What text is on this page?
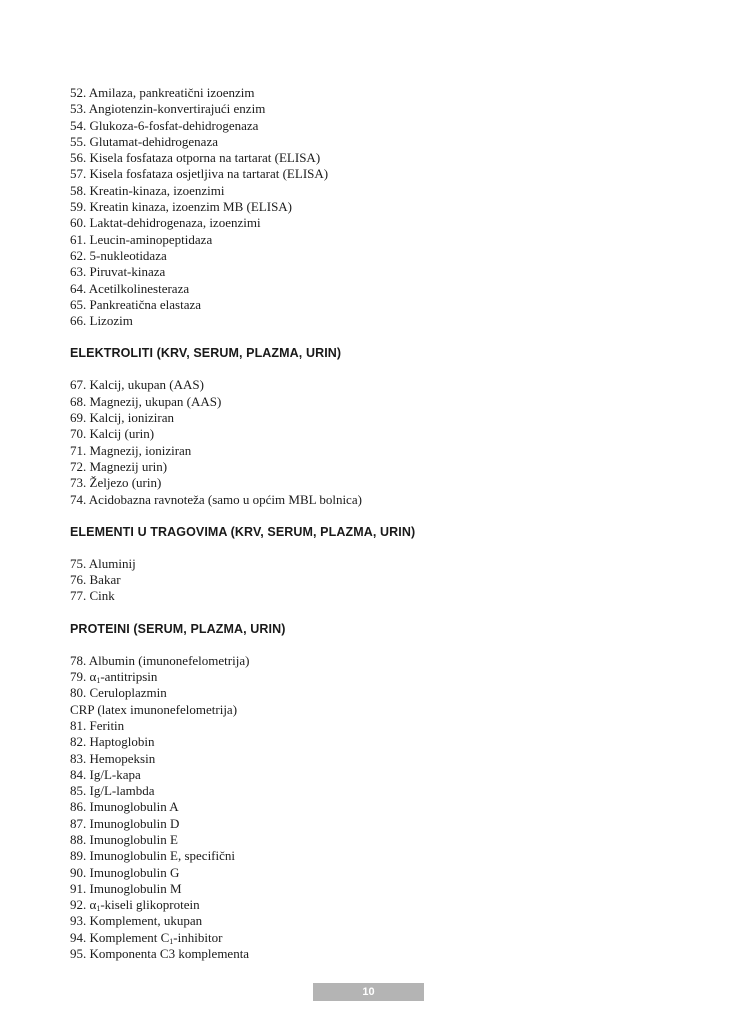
52. Amilaza, pankreatični izoenzim
53. Angiotenzin-konvertirajući enzim
54. Glukoza-6-fosfat-dehidrogenaza
55. Glutamat-dehidrogenaza
56. Kisela fosfataza otporna na tartarat (ELISA)
57. Kisela fosfataza osjetljiva na tartarat (ELISA)
58. Kreatin-kinaza, izoenzimi
59. Kreatin kinaza, izoenzim MB (ELISA)
60. Laktat-dehidrogenaza, izoenzimi
61. Leucin-aminopeptidaza
62. 5-nukleotidaza
63. Piruvat-kinaza
64. Acetilkolinesteraza
65. Pankreatična elastaza
66. Lizozim
ELEKTROLITI (KRV, SERUM, PLAZMA, URIN)
67. Kalcij, ukupan (AAS)
68. Magnezij, ukupan (AAS)
69. Kalcij, ioniziran
70. Kalcij (urin)
71. Magnezij, ioniziran
72. Magnezij urin)
73. Željezo (urin)
74. Acidobazna ravnoteža (samo u općim MBL bolnica)
ELEMENTI U TRAGOVIMA (KRV, SERUM, PLAZMA, URIN)
75. Aluminij
76. Bakar
77. Cink
PROTEINI (SERUM, PLAZMA, URIN)
78. Albumin (imunonefelometrija)
79. $\alpha_1$-antitripsin
80. Ceruloplazmin
CRP (latex imunonefelometrija)
81. Feritin
82. Haptoglobin
83. Hemopeksin
84. Ig/L-kapa
85. Ig/L-lambda
86. Imunoglobulin A
87. Imunoglobulin D
88. Imunoglobulin E
89. Imunoglobulin E, specifični
90. Imunoglobulin G
91. Imunoglobulin M
92. $\alpha_1$-kiseli glikoprotein
93. Komplement, ukupan
94. Komplement $C_1$-inhibitor
95. Komponenta C3 komplementa
10
